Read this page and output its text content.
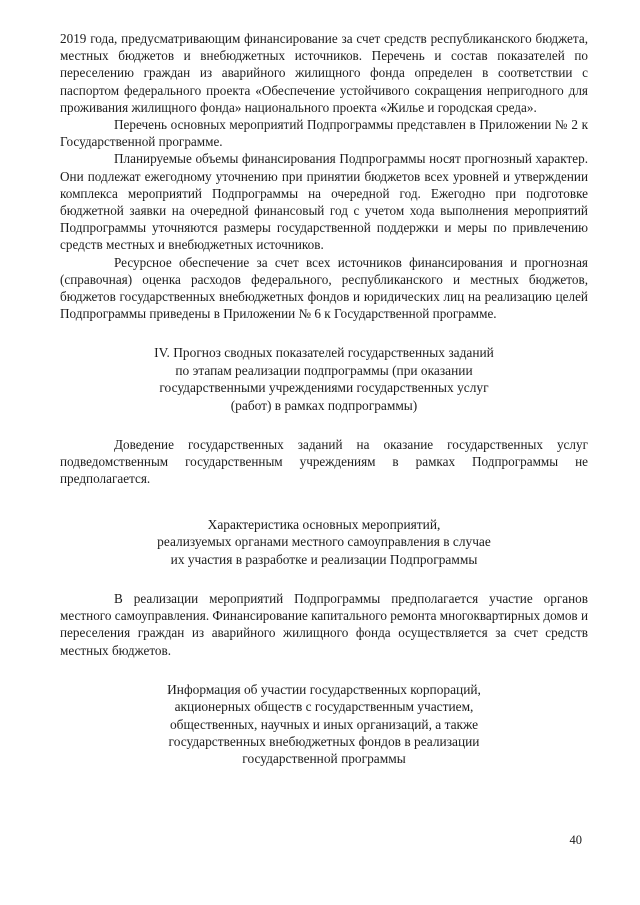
2019 года, предусматривающим финансирование за счет средств республиканского бюджета, местных бюджетов и внебюджетных источников. Перечень и состав показателей по переселению граждан из аварийного жилищного фонда определен в соответствии с паспортом федерального проекта «Обеспечение устойчивого сокращения непригодного для проживания жилищного фонда» национального проекта «Жилье и городская среда».

Перечень основных мероприятий Подпрограммы представлен в Приложении № 2 к Государственной программе.

Планируемые объемы финансирования Подпрограммы носят прогнозный характер. Они подлежат ежегодному уточнению при принятии бюджетов всех уровней и утверждении комплекса мероприятий Подпрограммы на очередной год. Ежегодно при подготовке бюджетной заявки на очередной финансовый год с учетом хода выполнения мероприятий Подпрограммы уточняются размеры государственной поддержки и меры по привлечению средств местных и внебюджетных источников.

Ресурсное обеспечение за счет всех источников финансирования и прогнозная (справочная) оценка расходов федерального, республиканского и местных бюджетов, бюджетов государственных внебюджетных фондов и юридических лиц на реализацию целей Подпрограммы приведены в Приложении № 6 к Государственной программе.

IV. Прогноз сводных показателей государственных заданий
по этапам реализации подпрограммы (при оказании
государственными учреждениями государственных услуг
(работ) в рамках подпрограммы)

Доведение государственных заданий на оказание государственных услуг подведомственным государственным учреждениям в рамках Подпрограммы не предполагается.

Характеристика основных мероприятий,
реализуемых органами местного самоуправления в случае
их участия в разработке и реализации Подпрограммы

В реализации мероприятий Подпрограммы предполагается участие органов местного самоуправления. Финансирование капитального ремонта многоквартирных домов и переселения граждан из аварийного жилищного фонда осуществляется за счет средств местных бюджетов.

Информация об участии государственных корпораций,
акционерных обществ с государственным участием,
общественных, научных и иных организаций, а также
государственных внебюджетных фондов в реализации
государственной программы
40
